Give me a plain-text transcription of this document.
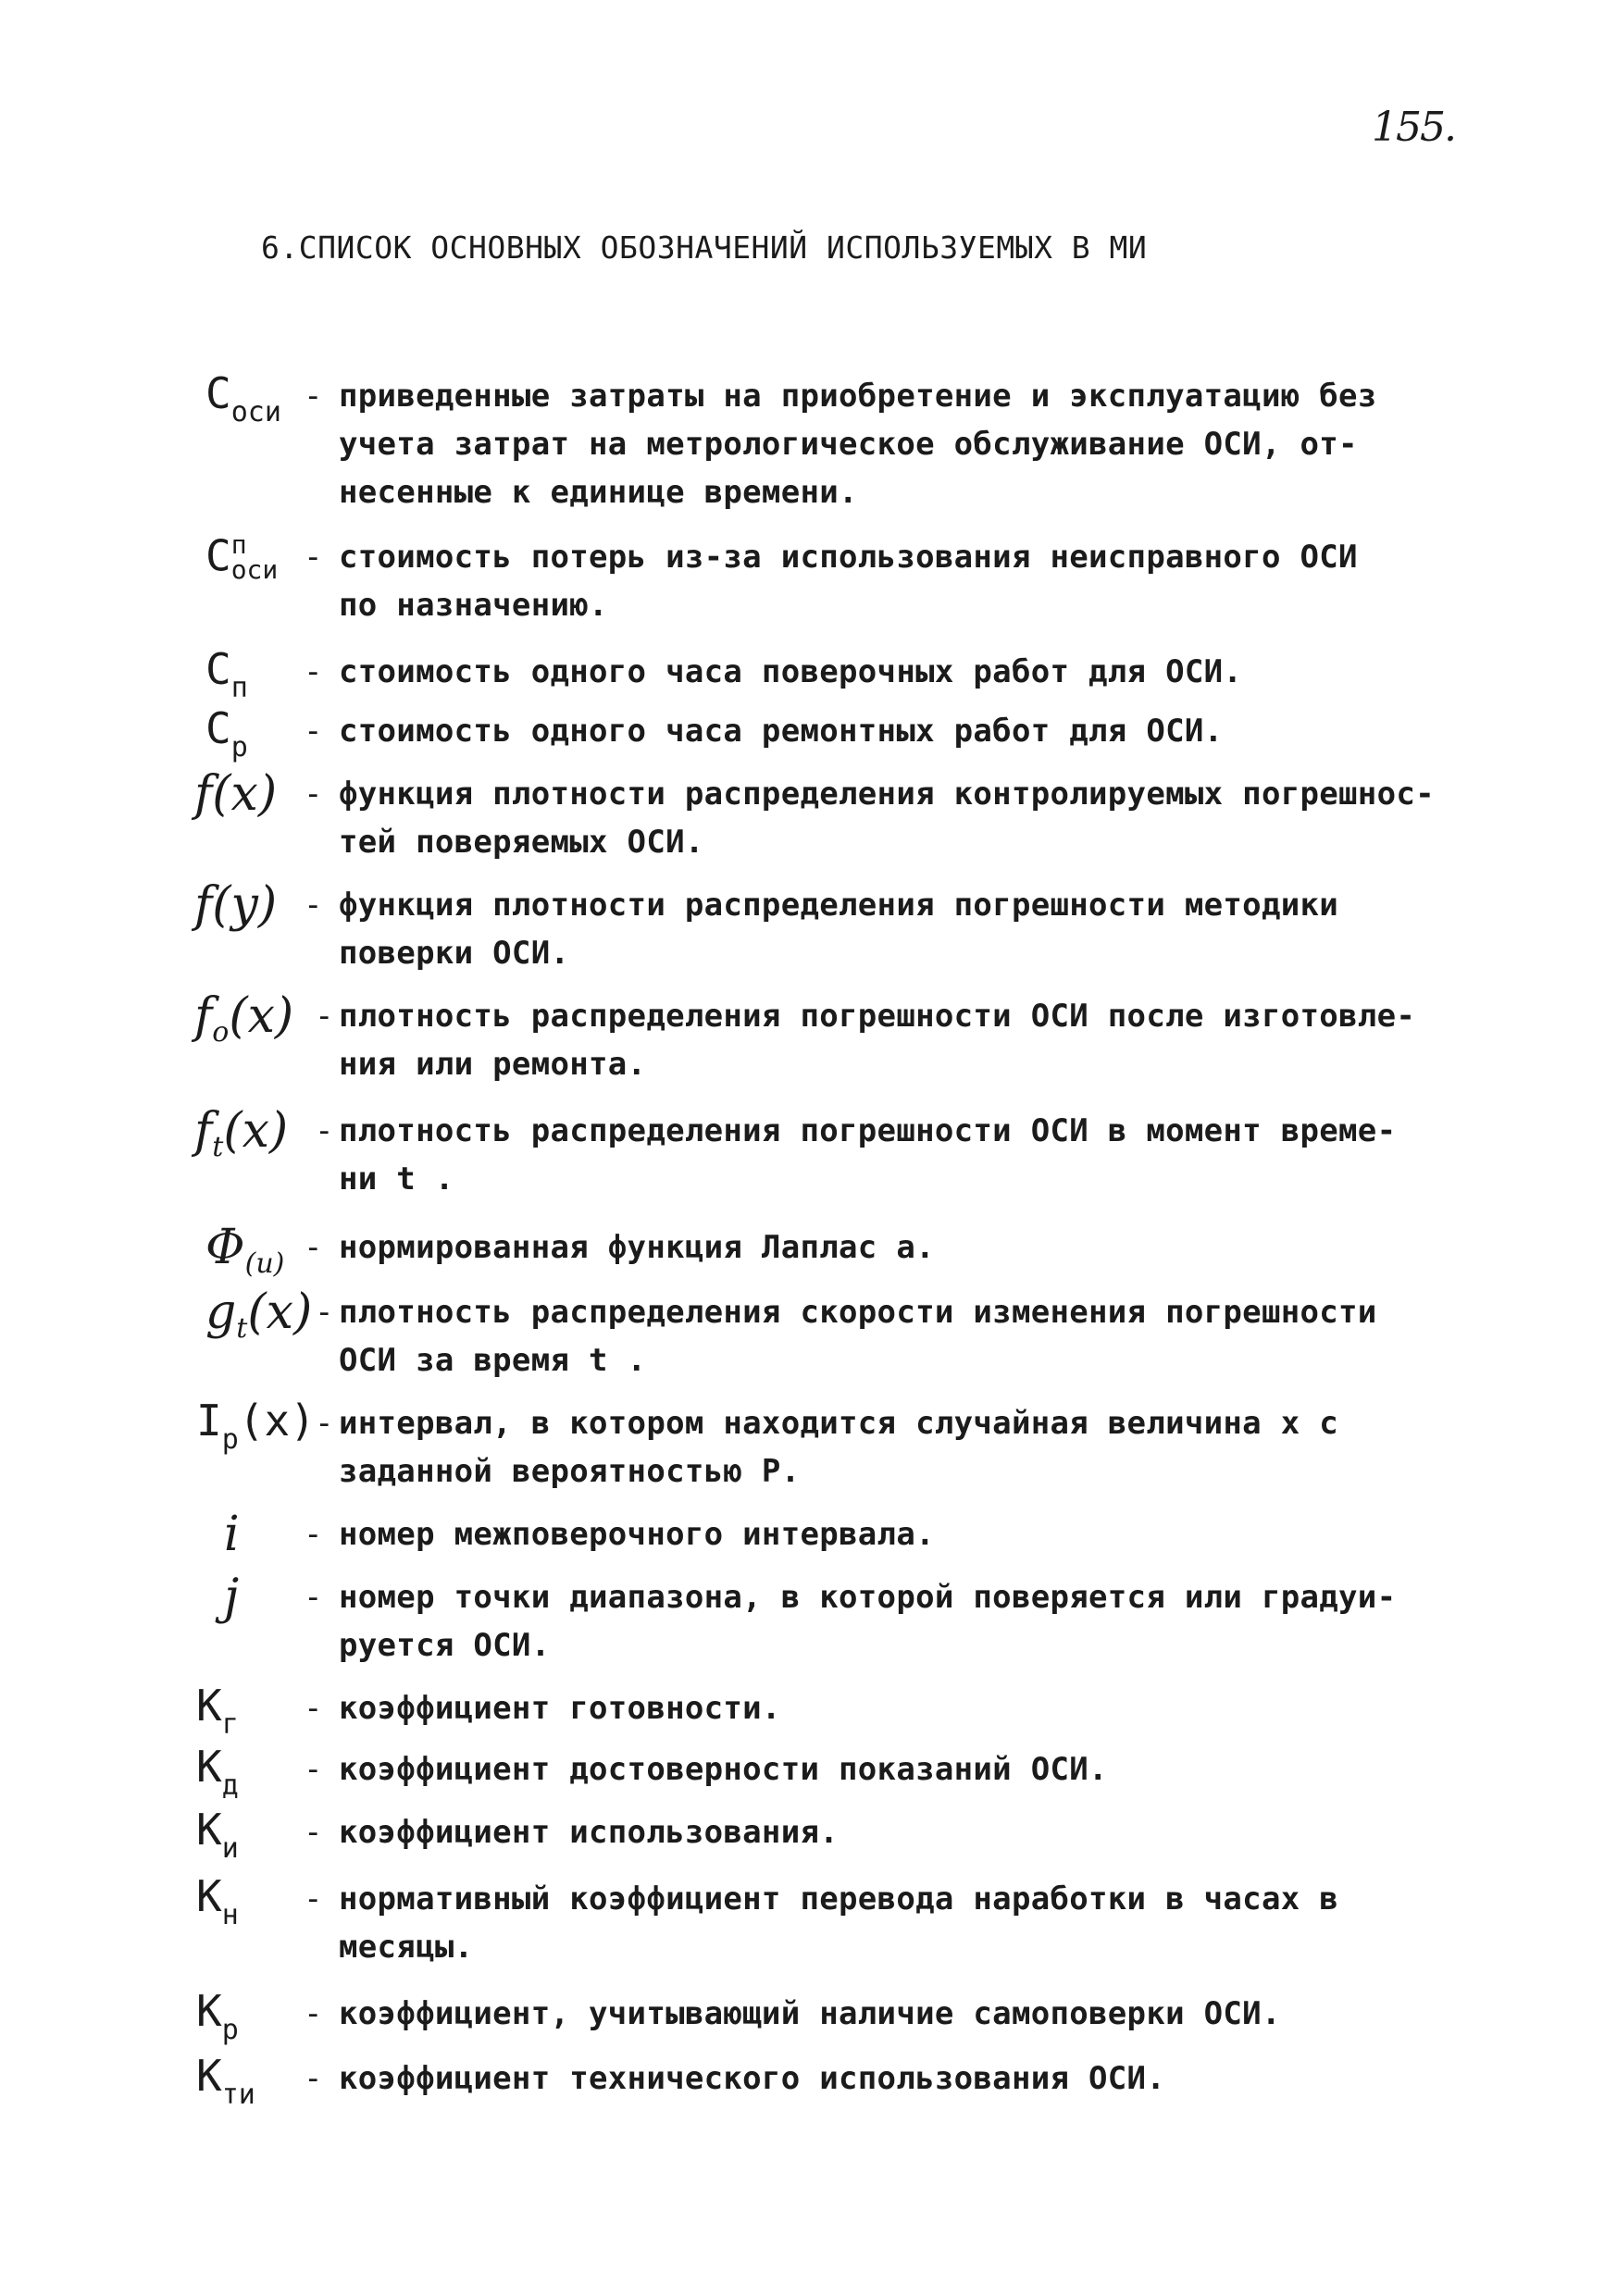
155.
6.СПИСОК ОСНОВНЫХ ОБОЗНАЧЕНИЙ ИСПОЛЬЗУЕМЫХ В МИ
$C_{оси}$ - приведенные затраты на приобретение и эксплуатацию без
учета затрат на метрологическое обслуживание ОСИ, от-
несенные к единице времени.
C п
оси - стоимость потерь из-за использования неисправного ОСИ
по назначению.
$C_п$ - стоимость одного часа поверочных работ для ОСИ.
$C_р$ - стоимость одного часа ремонтных работ для ОСИ.
f(x) - функция плотности распределения контролируемых погрешнос-
тей поверяемых ОСИ.
f(y) - функция плотности распределения погрешности методики
поверки ОСИ.
$f_o(x)$ - плотность распределения погрешности ОСИ после изготовле-
ния или ремонта.
$f_t(x)$ - плотность распределения погрешности ОСИ в момент време-
ни t .
$\Phi_{(u)}$ - нормированная функция Лаплас а.
$g_t(x)$ - плотность распределения скорости изменения погрешности
ОСИ за время t .
$I_p(x)$ - интервал, в котором находится случайная величина x с
заданной вероятностью P.
i - номер межповерочного интервала.
j - номер точки диапазона, в которой поверяется или градуи-
руется ОСИ.
$K_г$ - коэффициент готовности.
$K_д$ - коэффициент достоверности показаний ОСИ.
$K_и$ - коэффициент использования.
$K_н$ - нормативный коэффициент перевода наработки в часах в
месяцы.
$K_р$ - коэффициент, учитывающий наличие самоповерки ОСИ.
$K_{ти}$ - коэффициент технического использования ОСИ.
